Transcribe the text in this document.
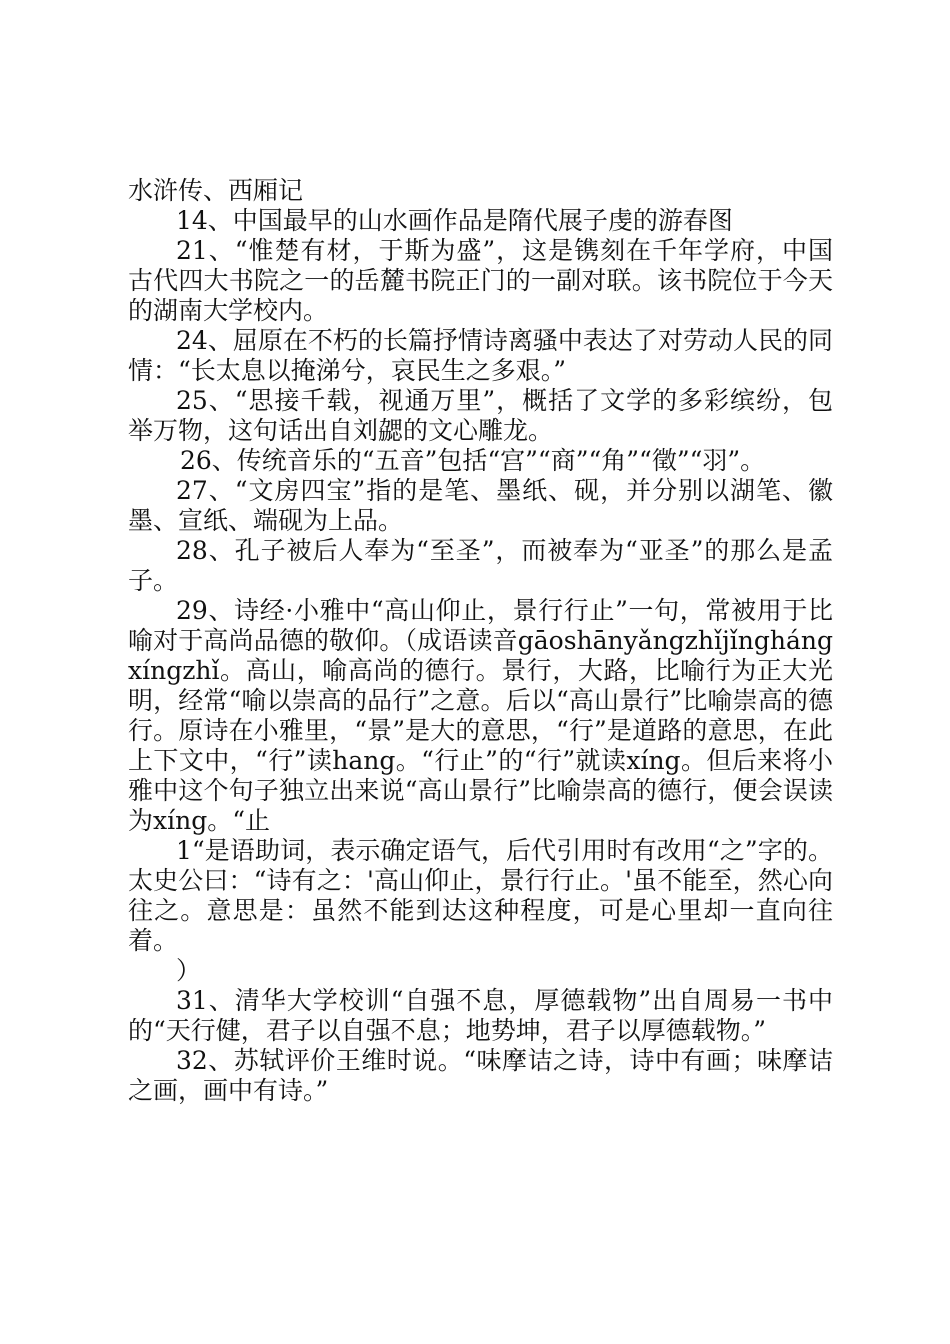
水浒传、西厢记

14、中国最早的山水画作品是隋代展子虔的游春图

21、“惟楚有材，于斯为盛”，这是镌刻在千年学府，中国古代四大书院之一的岳麓书院正门的一副对联。该书院位于今天的湖南大学校内。

24、屈原在不朽的长篇抒情诗离骚中表达了对劳动人民的同情：“长太息以掩涕兮，哀民生之多艰。”

25、“思接千载，视通万里”，概括了文学的多彩缤纷，包举万物，这句话出自刘勰的文心雕龙。

26、传统音乐的“五音”包括“宫”“商”“角”“徵”“羽”。

27、“文房四宝”指的是笔、墨纸、砚，并分别以湖笔、徽墨、宣纸、端砚为上品。

28、孔子被后人奉为“至圣”，而被奉为“亚圣”的那么是孟子。

29、诗经·小雅中“高山仰止，景行行止”一句，常被用于比喻对于高尚品德的敬仰。（成语读音gāoshānyǎngzhǐjǐnghángxíngzhǐ。高山，喻高尚的德行。景行，大路，比喻行为正大光明，经常“喻以崇高的品行”之意。后以“高山景行”比喻崇高的德行。原诗在小雅里，“景”是大的意思，“行”是道路的意思，在此上下文中，“行”读hang。“行止”的“行”就读xíng。但后来将小雅中这个句子独立出来说“高山景行”比喻崇高的德行，便会误读为xíng。“止

1“是语助词，表示确定语气，后代引用时有改用“之”字的。太史公曰：“诗有之：'高山仰止，景行行止。'虽不能至，然心向往之。意思是：虽然不能到达这种程度，可是心里却一直向往着。

）

31、清华大学校训“自强不息，厚德载物”出自周易一书中的“天行健，君子以自强不息；地势坤，君子以厚德载物。”

32、苏轼评价王维时说。“味摩诘之诗，诗中有画；味摩诘之画，画中有诗。”
